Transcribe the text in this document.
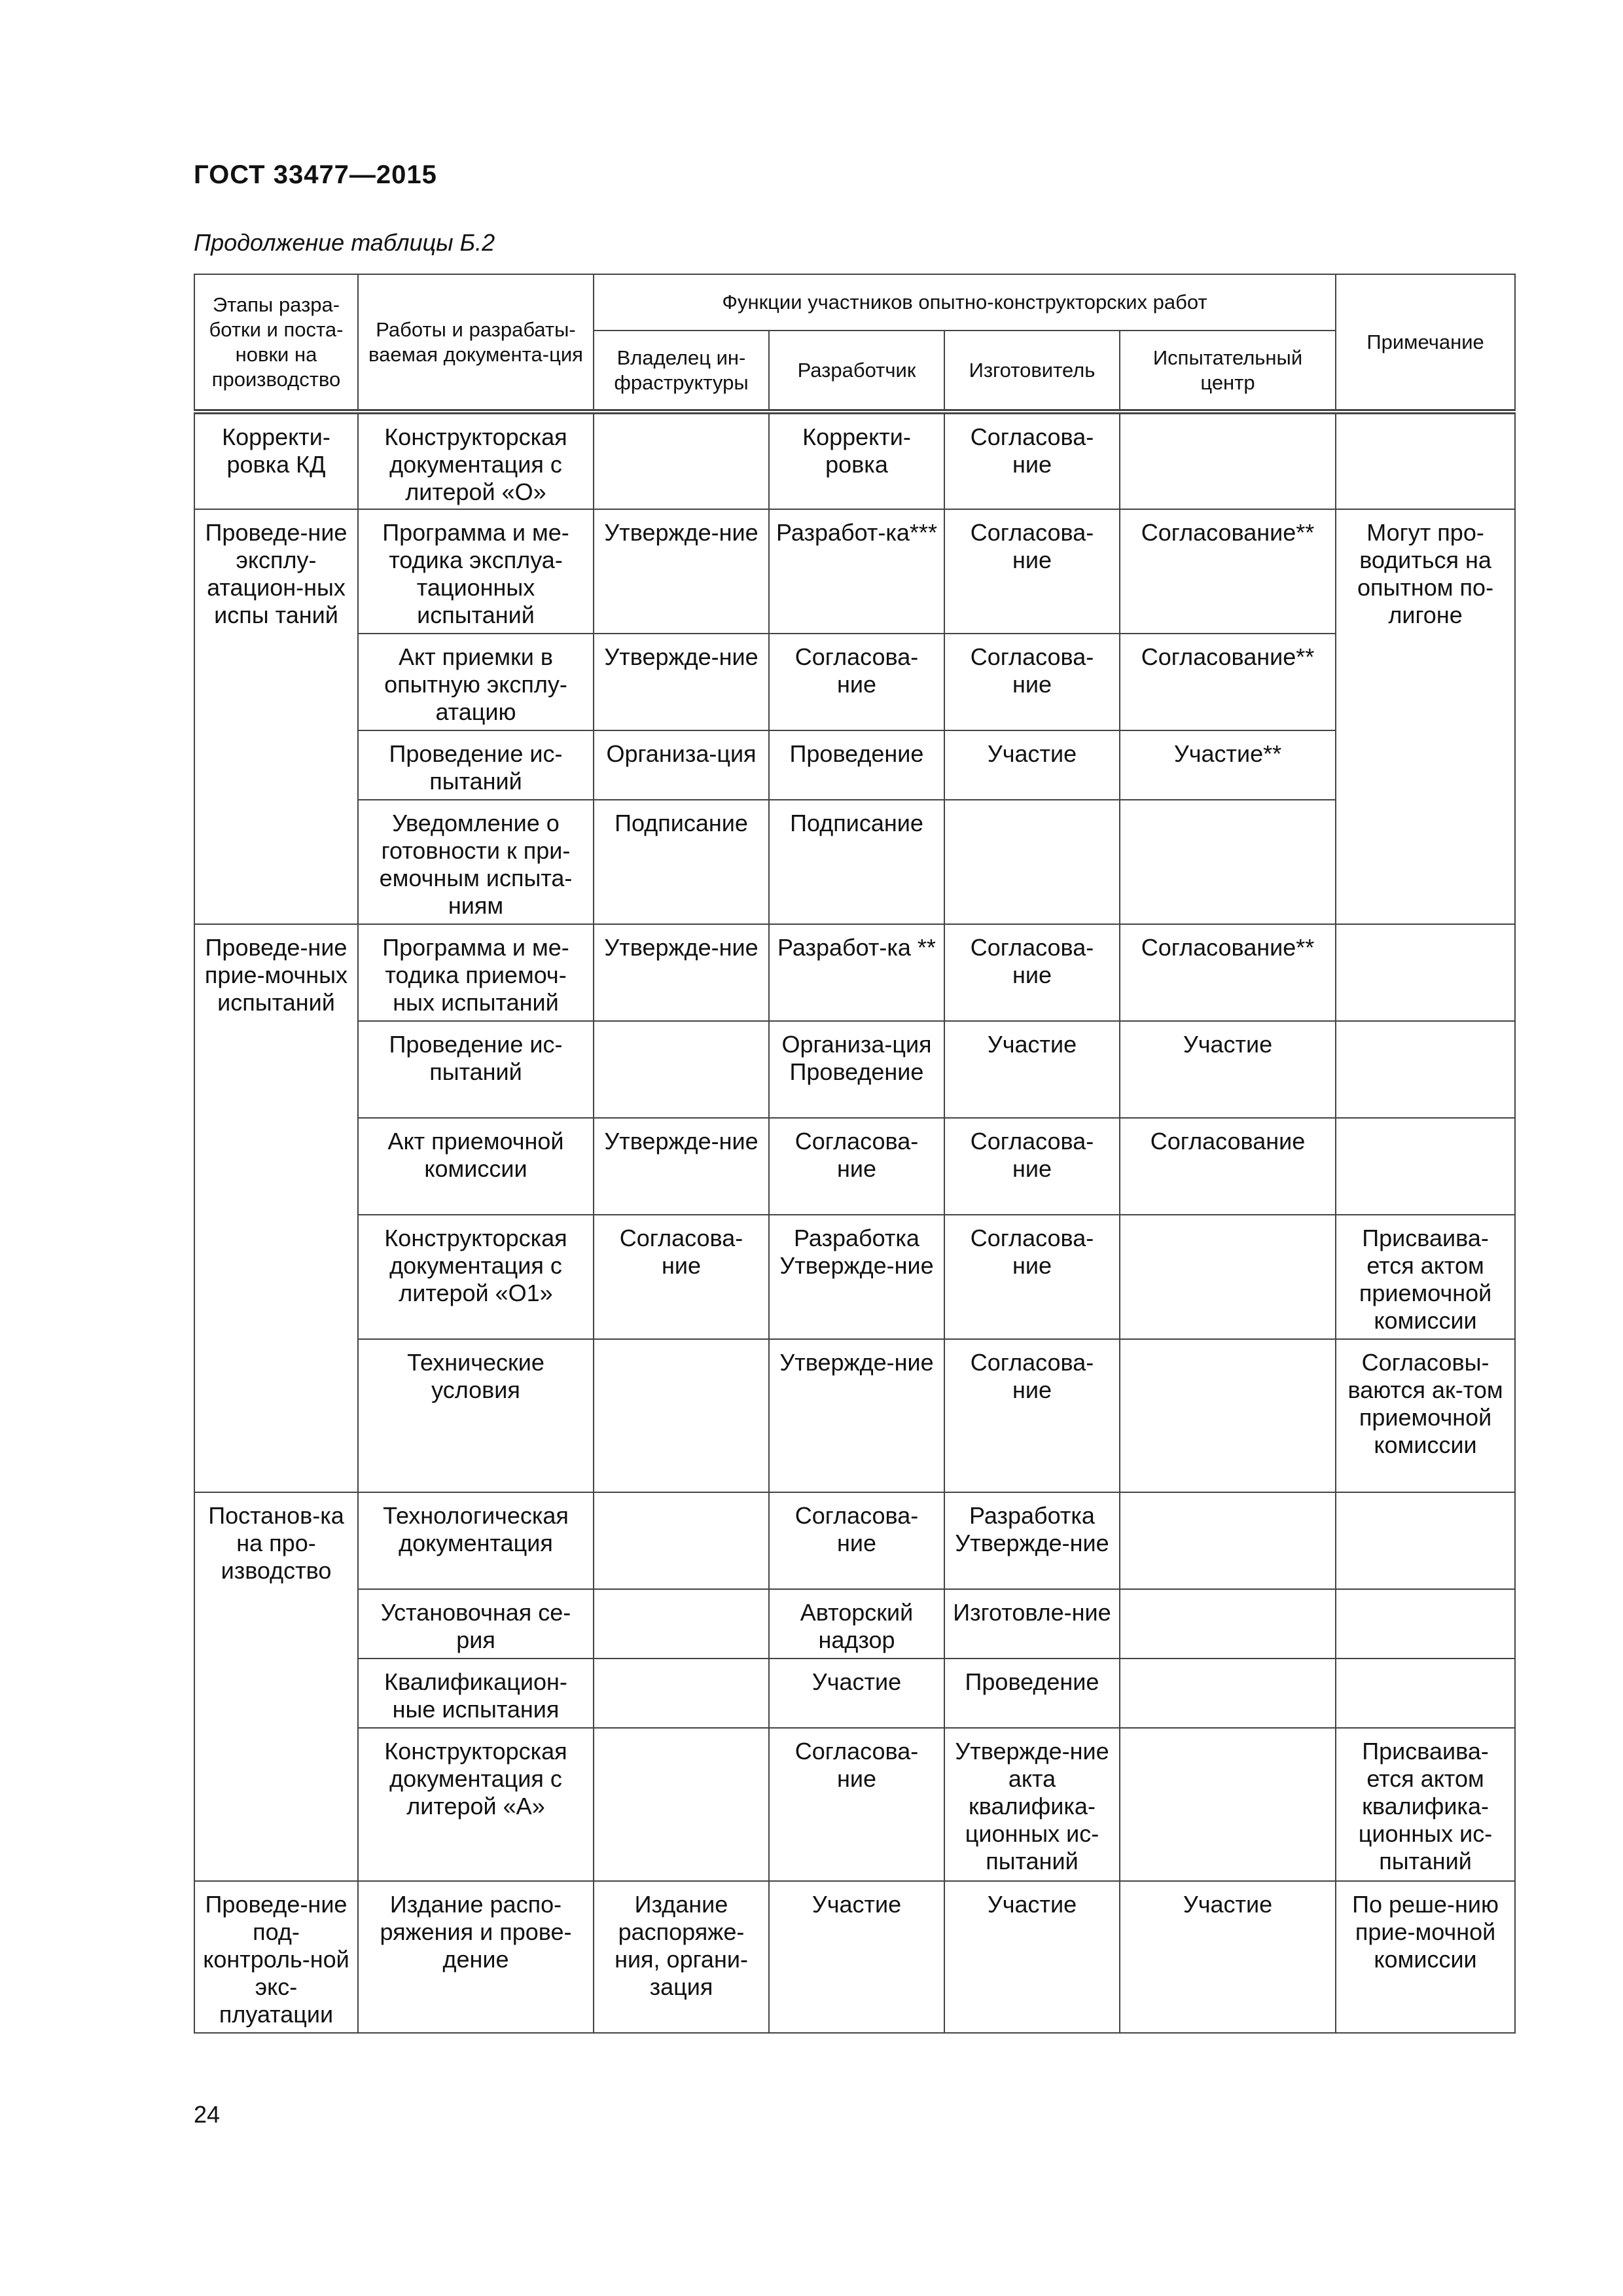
ГОСТ 33477—2015
Продолжение таблицы Б.2
Этапы разра-ботки и поста-новки на производство	Работы и разрабаты-ваемая документа-ция	Функции участников опытно-конструкторских работ				Примечание
		Владелец ин-фраструктуры	Разработчик	Изготовитель	Испытательный центр	
Корректи-ровка КД	Конструкторская документация с литерой «О»		Корректи-ровка	Согласова-ние		
Проведе-ние эксплу-атацион-ных испы таний	Программа и ме-тодика эксплуа-тационных испытаний	Утвержде-ние	Разработ-ка***	Согласова-ние	Согласование**	Могут про-водиться на опытном по-лигоне
	Акт приемки в опытную эксплу-атацию	Утвержде-ние	Согласова-ние	Согласова-ние	Согласование**	
	Проведение ис-пытаний	Организа-ция	Проведение	Участие	Участие**	
	Уведомление о готовности к при-емочным испыта-ниям	Подписание	Подписание			
Проведе-ние прие-мочных испытаний	Программа и ме-тодика приемоч-ных испытаний	Утвержде-ние	Разработ-ка **	Согласова-ние	Согласование**	
	Проведение ис-пытаний		Организа-ция Проведение	Участие	Участие	
	Акт приемочной комиссии	Утвержде-ние	Согласова-ние	Согласова-ние	Согласование	
	Конструкторская документация с литерой «О1»	Согласова-ние	Разработка Утвержде-ние	Согласова-ние		Присваива-ется актом приемочной комиссии
	Технические условия		Утвержде-ние	Согласова-ние		Согласовы-ваются ак-том приемочной комиссии
Постанов-ка на про-изводство	Технологическая документация		Согласова-ние	Разработка Утвержде-ние		
	Установочная се-рия		Авторский надзор	Изготовле-ние		
	Квалификацион-ные испытания		Участие	Проведение		
	Конструкторская документация с литерой «А»		Согласова-ние	Утвержде-ние акта квалифика-ционных ис-пытаний		Присваива-ется актом квалифика-ционных ис-пытаний
Проведе-ние под-контроль-ной экс-плуатации	Издание распо-ряжения и прове-дение	Издание распоряже-ния, органи-зация	Участие	Участие	Участие	По реше-нию прие-мочной комиссии
24
